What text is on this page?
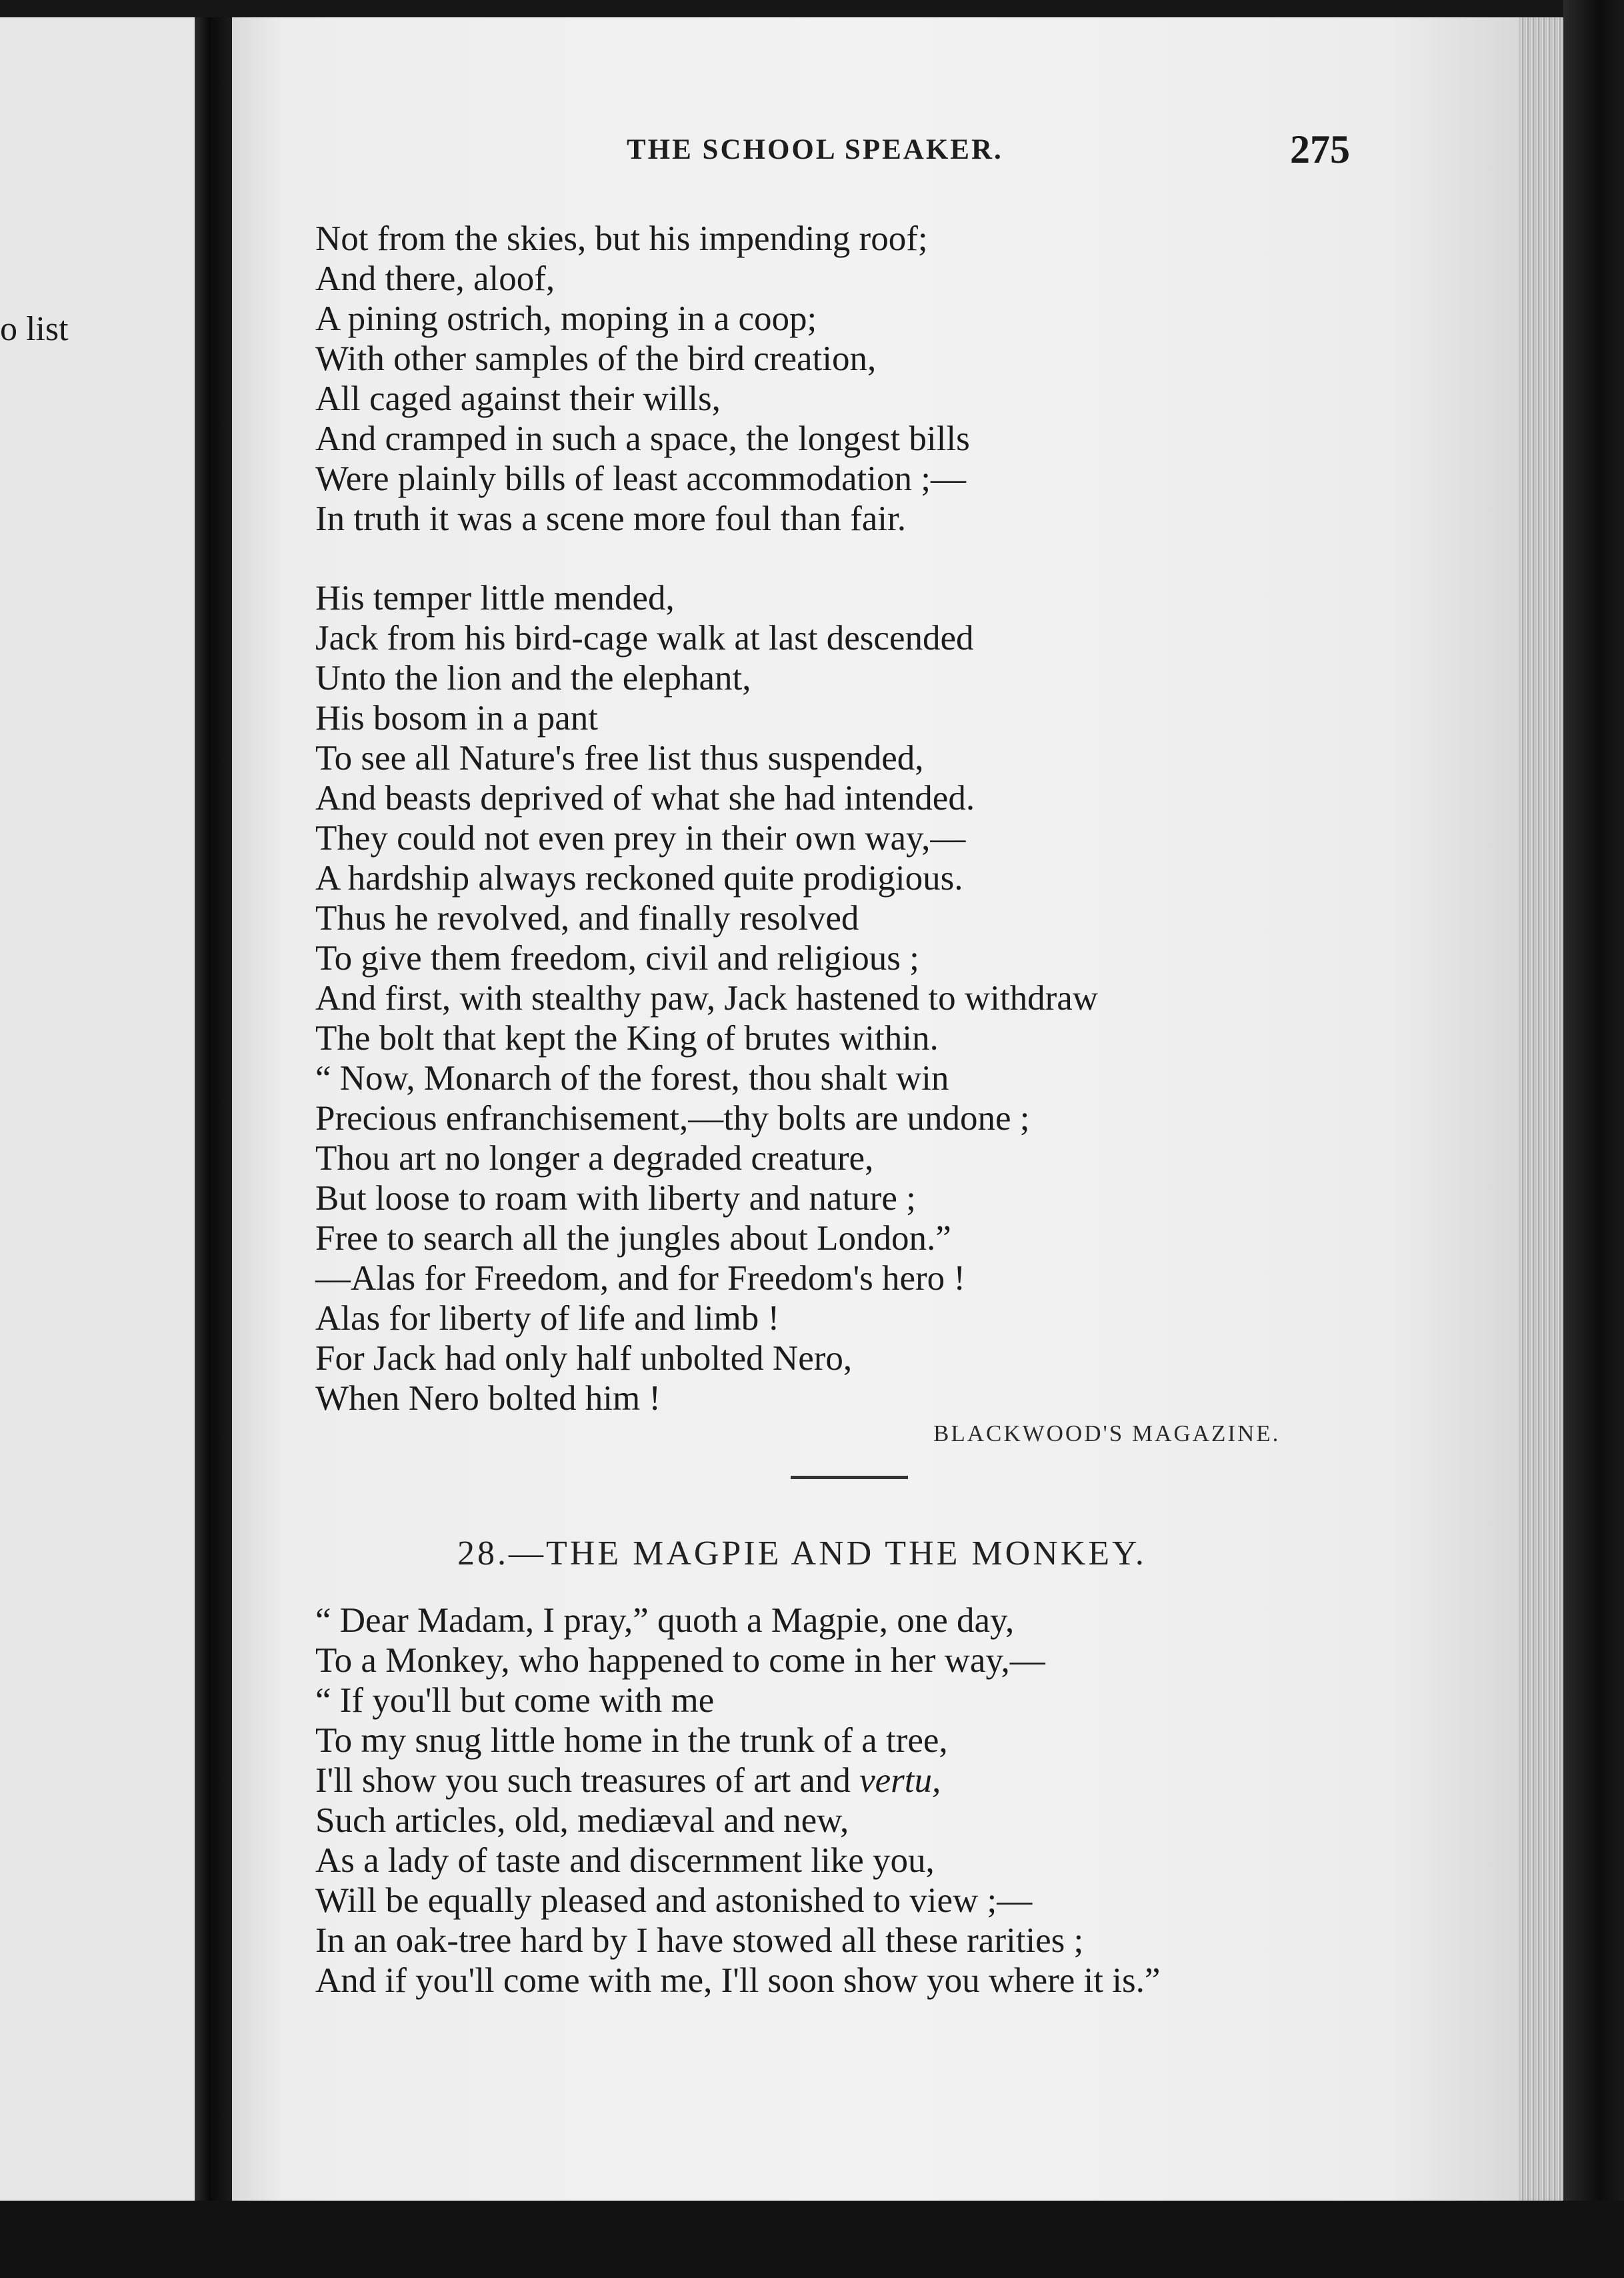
o list
THE SCHOOL SPEAKER.	275
Not from the skies, but his impending roof;
And there, aloof,
A pining ostrich, moping in a coop;
With other samples of the bird creation,
All caged against their wills,
And cramped in such a space, the longest bills
Were plainly bills of least accommodation ;—
In truth it was a scene more foul than fair.
His temper little mended,
Jack from his bird-cage walk at last descended
Unto the lion and the elephant,
His bosom in a pant
To see all Nature's free list thus suspended,
And beasts deprived of what she had intended.
They could not even prey in their own way,—
A hardship always reckoned quite prodigious.
Thus he revolved, and finally resolved
To give them freedom, civil and religious ;
And first, with stealthy paw, Jack hastened to withdraw
The bolt that kept the King of brutes within.
“ Now, Monarch of the forest, thou shalt win
Precious enfranchisement,—thy bolts are undone ;
Thou art no longer a degraded creature,
But loose to roam with liberty and nature ;
Free to search all the jungles about London.”
—Alas for Freedom, and for Freedom's hero !
Alas for liberty of life and limb !
For Jack had only half unbolted Nero,
When Nero bolted him !
BLACKWOOD'S MAGAZINE.
28.—THE MAGPIE AND THE MONKEY.
“ Dear Madam, I pray,” quoth a Magpie, one day,
To a Monkey, who happened to come in her way,—
“ If you'll but come with me
To my snug little home in the trunk of a tree,
I'll show you such treasures of art and vertu,
Such articles, old, mediæval and new,
As a lady of taste and discernment like you,
Will be equally pleased and astonished to view ;—
In an oak-tree hard by I have stowed all these rarities ;
And if you'll come with me, I'll soon show you where it is.”
